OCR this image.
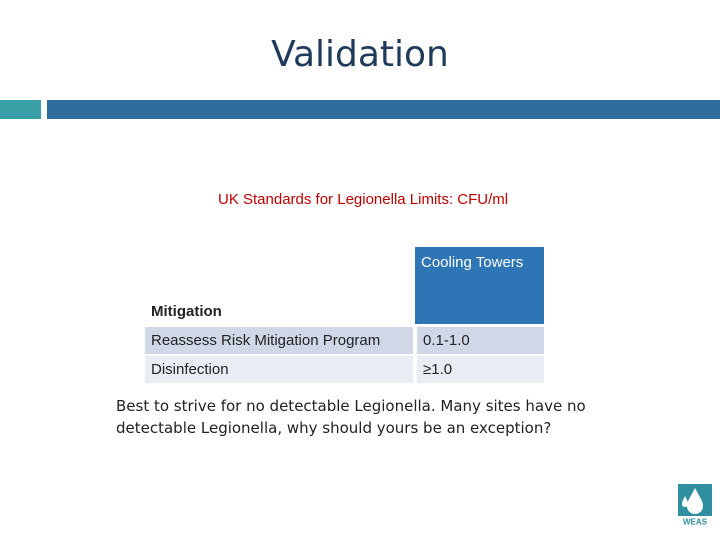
Validation
UK Standards for Legionella Limits: CFU/ml
Mitigation	Cooling Towers
Reassess Risk Mitigation Program	0.1-1.0
Disinfection	≥1.0
Best to strive for no detectable Legionella. Many sites have no detectable Legionella, why should yours be an exception?
WEAS
